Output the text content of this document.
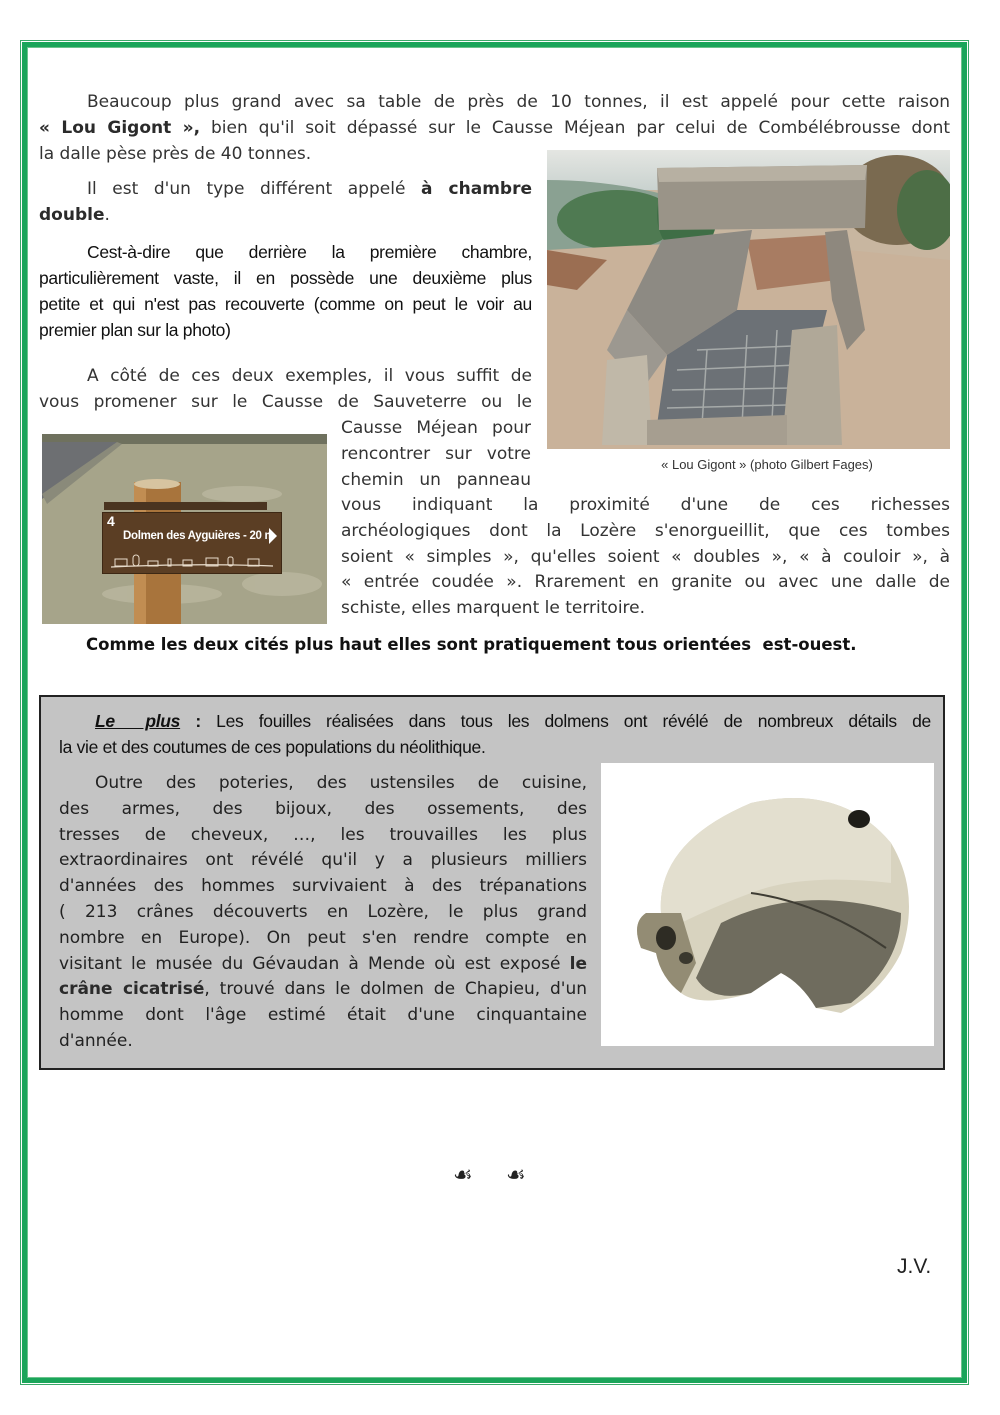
Beaucoup plus grand avec sa table de près de 10 tonnes, il est appelé pour cette raison
« Lou Gigont », bien qu'il soit dépassé sur le Causse Méjean par celui de Combélébrousse dont
la dalle pèse près de 40 tonnes.
« Lou Gigont » (photo Gilbert Fages)
Il est d'un type différent appelé à chambre
double.
Cest-à-dire que derrière la première chambre,
particulièrement vaste, il en possède une deuxième plus
petite et qui n'est pas recouverte (comme on peut le voir au
premier plan sur la photo)
A côté de ces deux exemples, il vous suffit de
vous promener sur le Causse de Sauveterre ou le
4
Dolmen des Ayguières - 20 m
Causse Méjean pour
rencontrer sur votre
chemin un panneau
vous indiquant la proximité d'une de ces richesses
archéologiques dont la Lozère s'enorgueillit, que ces tombes
soient « simples », qu'elles soient « doubles », « à couloir », à
« entrée coudée ». Rrarement en granite ou avec une dalle de
schiste, elles marquent le territoire.
Comme les deux cités plus haut elles sont pratiquement tous orientées  est-ouest.
Le  plus : Les fouilles réalisées dans tous les dolmens ont révélé de nombreux détails de
la vie et des coutumes de ces populations du néolithique.
Outre des poteries, des ustensiles de cuisine,
des armes, des bijoux, des ossements, des
tresses de cheveux, …, les trouvailles les plus
extraordinaires ont révélé qu'il y a plusieurs milliers
d'années des hommes survivaient à des trépanations
( 213 crânes découverts en Lozère, le plus grand
nombre en Europe). On peut s'en rendre compte en
visitant le musée du Gévaudan à Mende où est exposé le
crâne cicatrisé, trouvé dans le dolmen de Chapieu, d'un
homme dont l'âge estimé était d'une cinquantaine
d'année.
☙ ☙
J.V.
